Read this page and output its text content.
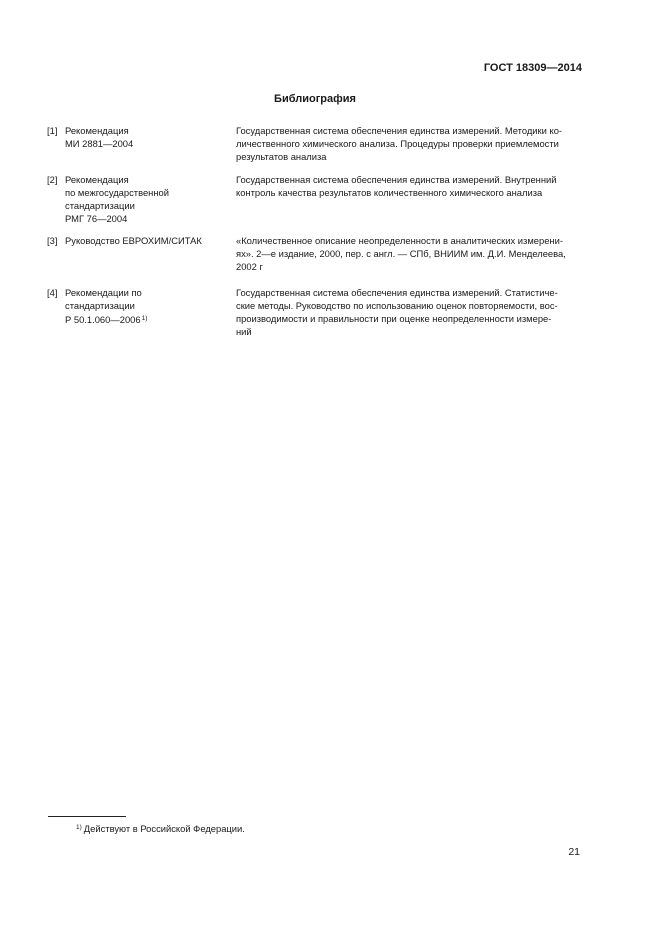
ГОСТ 18309—2014
Библиография
[1] Рекомендация
МИ 2881—2004
Государственная система обеспечения единства измерений. Методики ко-
личественного химического анализа. Процедуры проверки приемлемости
результатов анализа
[2] Рекомендация
по межгосударственной
стандартизации
РМГ 76—2004
Государственная система обеспечения единства измерений. Внутренний
контроль качества результатов количественного химического анализа
[3] Руководство ЕВРОХИМ/СИТАК	«Количественное описание неопределенности в аналитических измерени-
ях». 2—е издание, 2000, пер. с англ. — СПб, ВНИИМ им. Д.И. Менделеева,
2002 г
[4] Рекомендации по
стандартизации
Р 50.1.060—2006$^{1)}$
Государственная система обеспечения единства измерений. Статистиче-
ские методы. Руководство по использованию оценок повторяемости, вос-
производимости и правильности при оценке неопределенности измере-
ний
$^{1)}$ Действуют в Российской Федерации.
21
